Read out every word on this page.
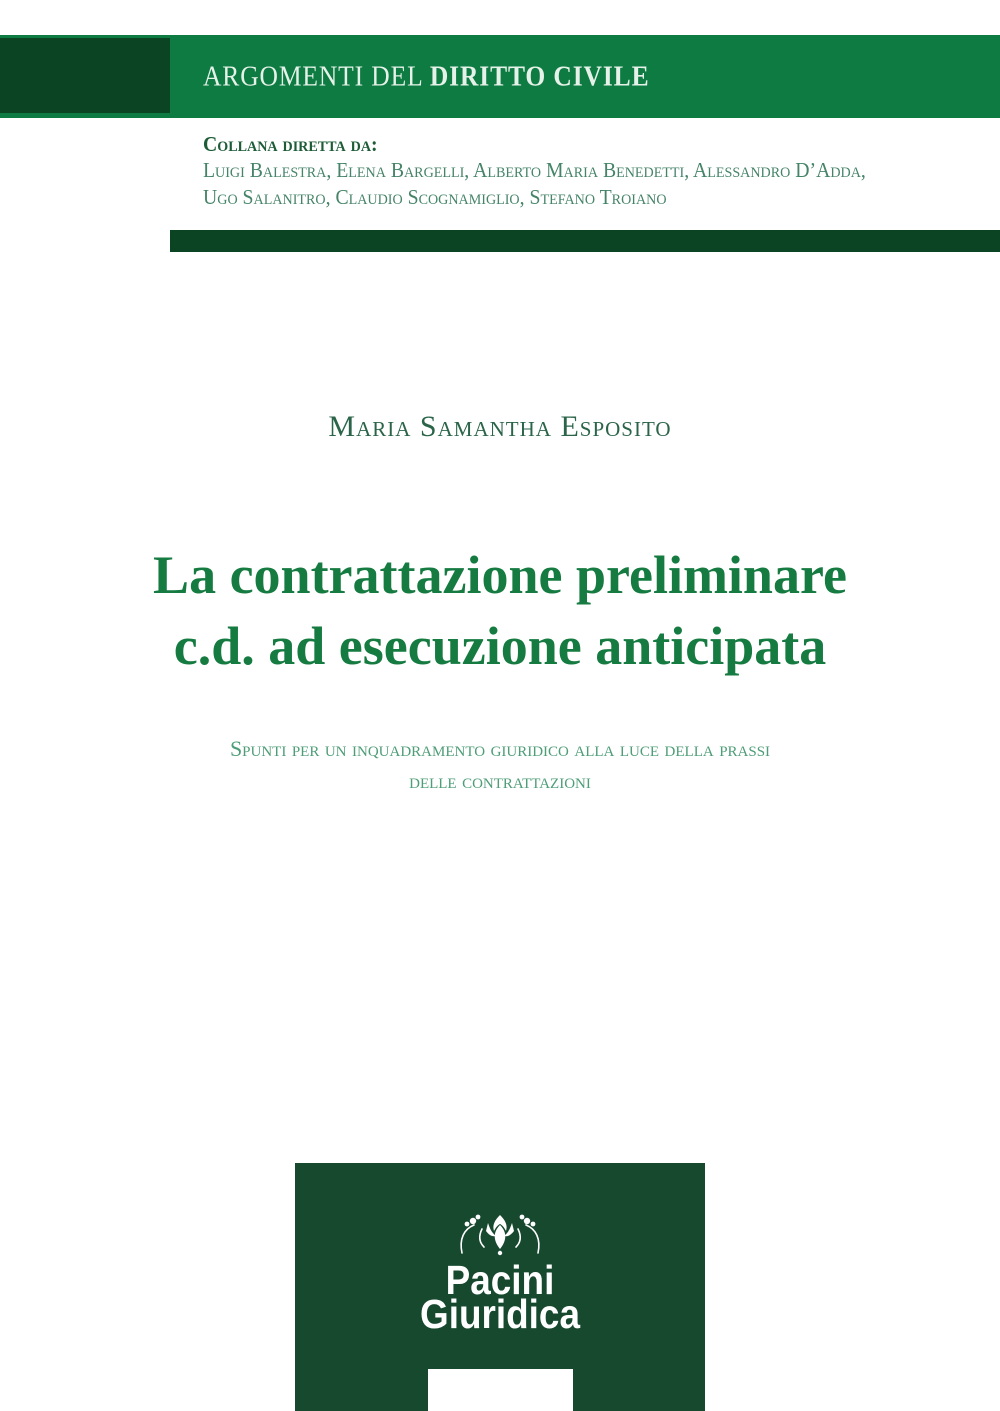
ARGOMENTI DEL DIRITTO CIVILE
Collana diretta da:
Luigi Balestra, Elena Bargelli, Alberto Maria Benedetti, Alessandro D’Adda,
Ugo Salanitro, Claudio Scognamiglio, Stefano Troiano
Maria Samantha Esposito
La contrattazione preliminare
c.d. ad esecuzione anticipata
Spunti per un inquadramento giuridico alla luce della prassi
delle contrattazioni
Pacini
Giuridica
